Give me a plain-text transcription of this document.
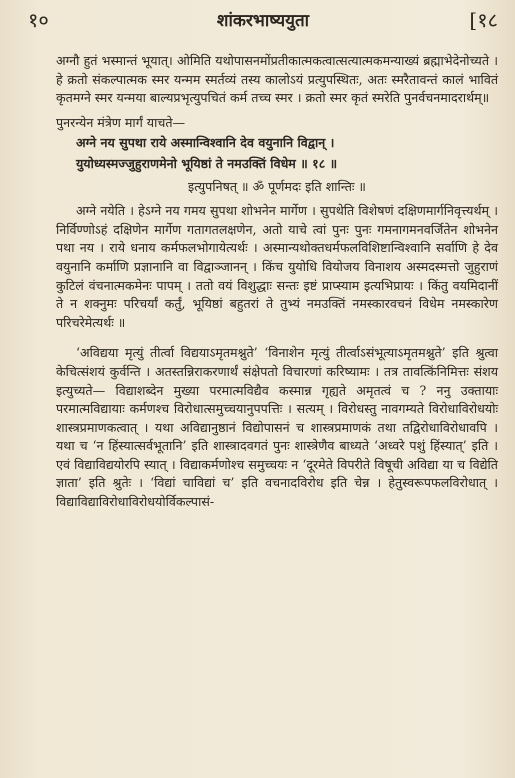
१०	शांकरभाष्ययुता	[१८

अग्नौ हुतं भस्मान्तं भूयात्‌। ओमिति यथोपासनमोंप्रतीकात्मकत्वात्सत्यात्मकमन्याख्यं ब्रह्माभेदेनोच्यते । हे क्रतो संकल्पात्मक स्मर यन्मम स्मर्तव्यं तस्य कालोऽयं प्रत्युपस्थितः, अतः स्मरैतावन्तं कालं भावितं कृतमग्ने स्मर यन्मया बाल्यप्रभृत्युपचितं कर्म तच्च स्मर । क्रतो स्मर कृतं स्मरेति पुनर्वचनमादरार्थम्‌॥

पुनरन्येन मंत्रेण मार्गं याचते—

अग्ने नय सुपथा राये अस्मान्विश्वानि देव वयुनानि विद्वान्‌ ।

युयोध्यस्मज्जुहुराणमेनो भूयिष्ठां ते नमउक्तिं विधेम ॥ १८ ॥

इत्युपनिषत्‌ ॥ ॐ पूर्णमदः इति शान्तिः ॥

अग्ने नयेति । हेऽग्ने नय गमय सुपथा शोभनेन मार्गेण । सुपथेति विशेषणं दक्षिणमार्गनिवृत्त्यर्थम्‌ । निर्विण्णोऽहं दक्षिणेन मार्गेण गतागतलक्षणेन, अतो याचे त्वां पुनः पुनः गमनागमनवर्जितेन शोभनेन पथा नय । राये धनाय कर्मफलभोगायेत्यर्थः । अस्मान्यथोक्तधर्मफलविशिष्टान्विश्वानि सर्वाणि हे देव वयुनानि कर्माणि प्रज्ञानानि वा विद्वाञ्जानन्‌ । किंच युयोधि वियोजय विनाशय अस्मदस्मत्तो जुहुराणं कुटिलं वंचनात्मकमेनः पापम्‌ । ततो वयं विशुद्धाः सन्तः इष्टं प्राप्स्याम इत्यभिप्रायः । किंतु वयमिदानीं ते न शक्नुमः परिचर्यां कर्तुं, भूयिष्ठां बहुतरां ते तुभ्यं नमउक्तिं नमस्कारवचनं विधेम नमस्कारेण परिचरेमेत्यर्थः ॥

‘अविद्यया मृत्युं तीर्त्वा विद्ययाऽमृतमश्नुते’ ‘विनाशेन मृत्युं तीर्त्वाऽसंभूत्याऽमृतमश्नुते’ इति श्रुत्वा केचित्संशयं कुर्वन्ति । अतस्तन्निराकरणार्थं संक्षेपतो विचारणां करिष्यामः । तत्र तावत्किंनिमित्तः संशय इत्युच्यते— विद्याशब्देन मुख्या परमात्मविद्यैव कस्मान्न गृह्यते अमृतत्वं च ? ननु उक्तायाः परमात्मविद्यायाः कर्मणश्च विरोधात्समुच्चयानुपपत्तिः । सत्यम्‌ । विरोधस्तु नावगम्यते विरोधाविरोधयोः शास्त्रप्रमाणकत्वात्‌ । यथा अविद्यानुष्ठानं विद्योपासनं च शास्त्रप्रमाणकं तथा तद्विरोधाविरोधावपि । यथा च ‘न हिंस्यात्सर्वभूतानि’ इति शास्त्रादवगतं पुनः शास्त्रेणैव बाध्यते ‘अध्वरे पशुं हिंस्यात्‌’ इति । एवं विद्याविद्ययोरपि स्यात्‌ । विद्याकर्मणोश्च समुच्चयः न ‘दूरमेते विपरीते विषूची अविद्या या च विद्येति ज्ञाता’ इति श्रुतेः । ‘विद्यां चाविद्यां च’ इति वचनादविरोध इति चेन्न । हेतुस्वरूपफलविरोधात्‌ । विद्याविद्याविरोधाविरोधयोर्विकल्पासं-
